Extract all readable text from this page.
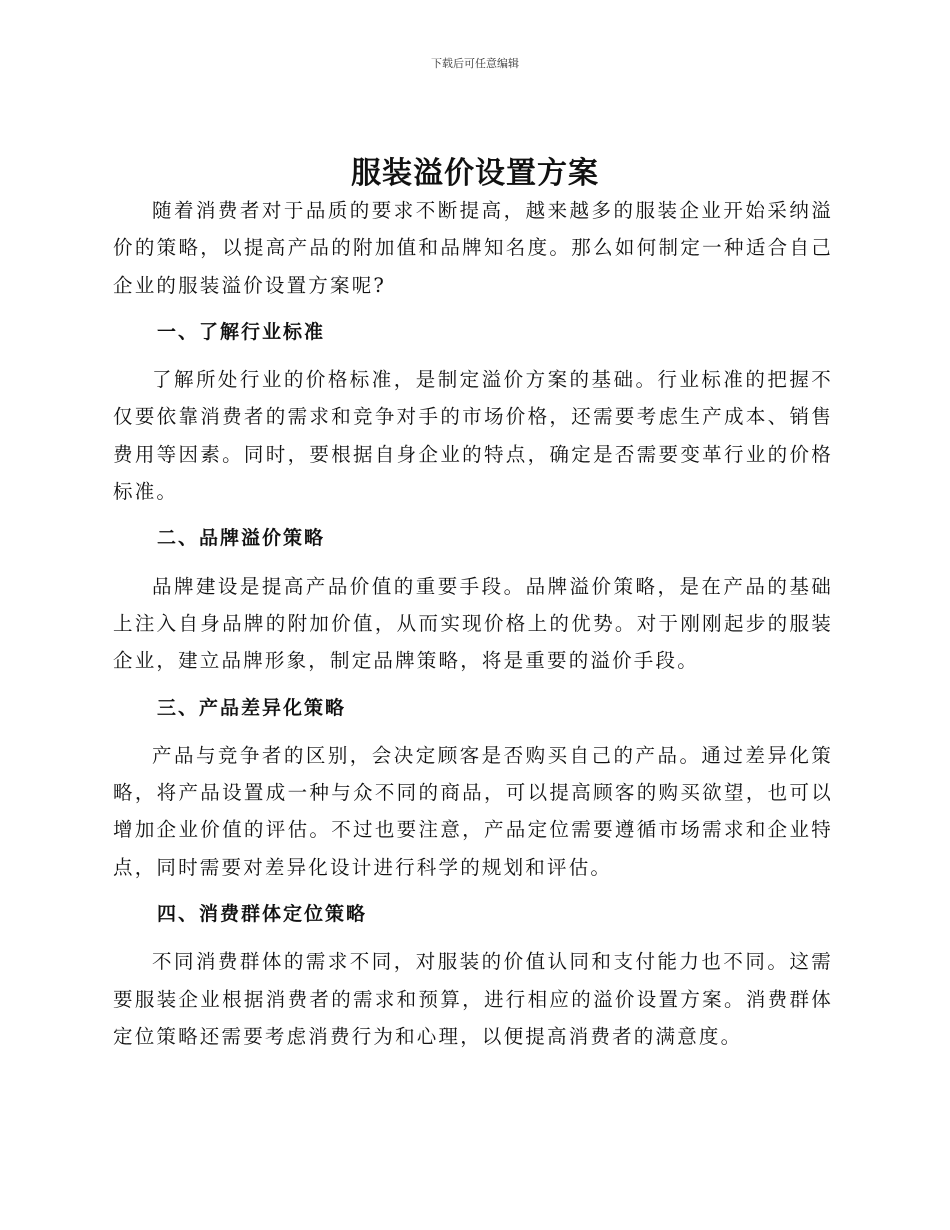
下载后可任意编辑
服装溢价设置方案

随着消费者对于品质的要求不断提高，越来越多的服装企业开始采纳溢价的策略，以提高产品的附加值和品牌知名度。那么如何制定一种适合自己企业的服装溢价设置方案呢?

一、了解行业标准

了解所处行业的价格标准，是制定溢价方案的基础。行业标准的把握不仅要依靠消费者的需求和竞争对手的市场价格，还需要考虑生产成本、销售费用等因素。同时，要根据自身企业的特点，确定是否需要变革行业的价格标准。

二、品牌溢价策略

品牌建设是提高产品价值的重要手段。品牌溢价策略，是在产品的基础上注入自身品牌的附加价值，从而实现价格上的优势。对于刚刚起步的服装企业，建立品牌形象，制定品牌策略，将是重要的溢价手段。

三、产品差异化策略

产品与竞争者的区别，会决定顾客是否购买自己的产品。通过差异化策略，将产品设置成一种与众不同的商品，可以提高顾客的购买欲望，也可以增加企业价值的评估。不过也要注意，产品定位需要遵循市场需求和企业特点，同时需要对差异化设计进行科学的规划和评估。

四、消费群体定位策略

不同消费群体的需求不同，对服装的价值认同和支付能力也不同。这需要服装企业根据消费者的需求和预算，进行相应的溢价设置方案。消费群体定位策略还需要考虑消费行为和心理，以便提高消费者的满意度。
